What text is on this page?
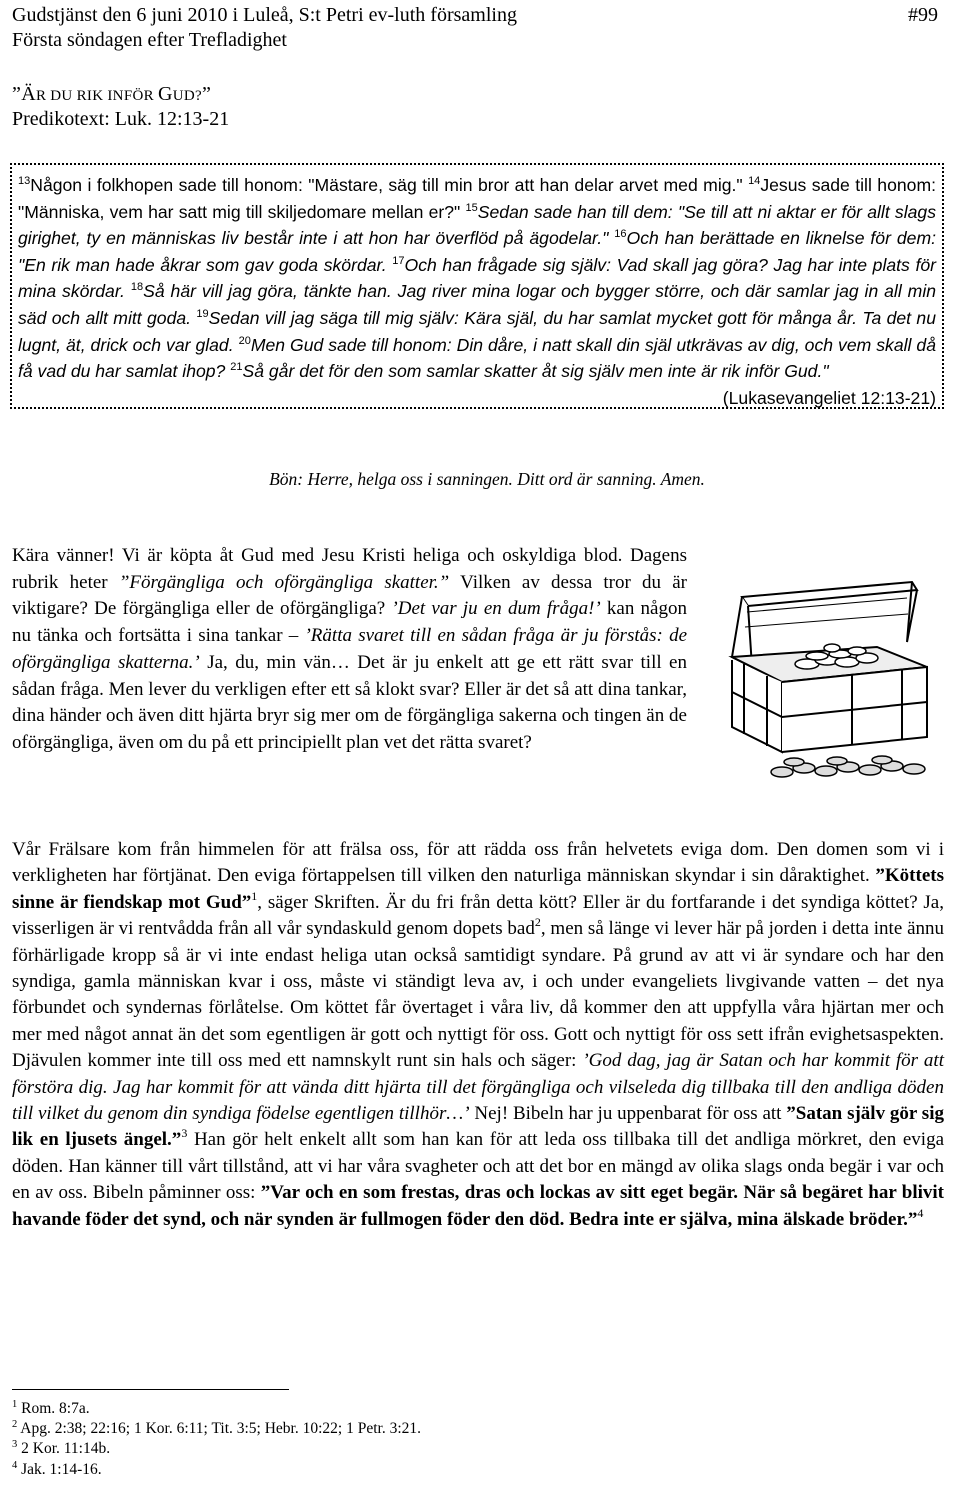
Gudstjänst den 6 juni 2010 i Luleå, S:t Petri ev-luth församling	#99
Första söndagen efter Trefladighet
”ÄR DU RIK INFÖR GUD?”
Predikotext: Luk. 12:13-21
$^{13}$Någon i folkhopen sade till honom: "Mästare, säg till min bror att han delar arvet med mig." $^{14}$Jesus sade till honom: "Människa, vem har satt mig till skiljedomare mellan er?" $^{15}$Sedan sade han till dem: "Se till att ni aktar er för allt slags girighet, ty en människas liv består inte i att hon har överflöd på ägodelar." $^{16}$Och han berättade en liknelse för dem: "En rik man hade åkrar som gav goda skördar. $^{17}$Och han frågade sig själv: Vad skall jag göra? Jag har inte plats för mina skördar. $^{18}$Så här vill jag göra, tänkte han. Jag river mina logar och bygger större, och där samlar jag in all min säd och allt mitt goda. $^{19}$Sedan vill jag säga till mig själv: Kära själ, du har samlat mycket gott för många år. Ta det nu lugnt, ät, drick och var glad. $^{20}$Men Gud sade till honom: Din dåre, i natt skall din själ utkrävas av dig, och vem skall då få vad du har samlat ihop? $^{21}$Så går det för den som samlar skatter åt sig själv men inte är rik inför Gud."
(Lukasevangeliet 12:13-21)
Bön: Herre, helga oss i sanningen. Ditt ord är sanning. Amen.
Kära vänner! Vi är köpta åt Gud med Jesu Kristi heliga och oskyldiga blod. Dagens rubrik heter ”Förgängliga och oförgängliga skatter.” Vilken av dessa tror du är viktigare? De förgängliga eller de oförgängliga? ’Det var ju en dum fråga!’ kan någon nu tänka och fortsätta i sina tankar – ’Rätta svaret till en sådan fråga är ju förstås: de oförgängliga skatterna.’ Ja, du, min vän… Det är ju enkelt att ge ett rätt svar till en sådan fråga. Men lever du verkligen efter ett så klokt svar? Eller är det så att dina tankar, dina händer och även ditt hjärta bryr sig mer om de förgängliga sakerna och tingen än de oförgängliga, även om du på ett principiellt plan vet det rätta svaret?
Vår Frälsare kom från himmelen för att frälsa oss, för att rädda oss från helvetets eviga dom. Den domen som vi i verkligheten har förtjänat. Den eviga förtappelsen till vilken den naturliga människan skyndar i sin dåraktighet. ”Köttets sinne är fiendskap mot Gud”$^1$, säger Skriften. Är du fri från detta kött? Eller är du fortfarande i det syndiga köttet? Ja, visserligen är vi rentvådda från all vår syndaskuld genom dopets bad$^2$, men så länge vi lever här på jorden i detta inte ännu förhärligade kropp så är vi inte endast heliga utan också samtidigt syndare. På grund av att vi är syndare och har den syndiga, gamla människan kvar i oss, måste vi ständigt leva av, i och under evangeliets livgivande vatten – det nya förbundet och syndernas förlåtelse. Om köttet får övertaget i våra liv, då kommer den att uppfylla våra hjärtan mer och mer med något annat än det som egentligen är gott och nyttigt för oss. Gott och nyttigt för oss sett ifrån evighetsaspekten. Djävulen kommer inte till oss med ett namnskylt runt sin hals och säger: ’God dag, jag är Satan och har kommit för att förstöra dig. Jag har kommit för att vända ditt hjärta till det förgängliga och vilseleda dig tillbaka till den andliga döden till vilket du genom din syndiga födelse egentligen tillhör…’ Nej! Bibeln har ju uppenbarat för oss att ”Satan själv gör sig lik en ljusets ängel.”$^3$ Han gör helt enkelt allt som han kan för att leda oss tillbaka till det andliga mörkret, den eviga döden. Han känner till vårt tillstånd, att vi har våra svagheter och att det bor en mängd av olika slags onda begär i var och en av oss. Bibeln påminner oss: ”Var och en som frestas, dras och lockas av sitt eget begär. När så begäret har blivit havande föder det synd, och när synden är fullmogen föder den död. Bedra inte er själva, mina älskade bröder.”$^4$
$^1$ Rom. 8:7a.
$^2$ Apg. 2:38; 22:16; 1 Kor. 6:11; Tit. 3:5; Hebr. 10:22; 1 Petr. 3:21.
$^3$ 2 Kor. 11:14b.
$^4$ Jak. 1:14-16.
